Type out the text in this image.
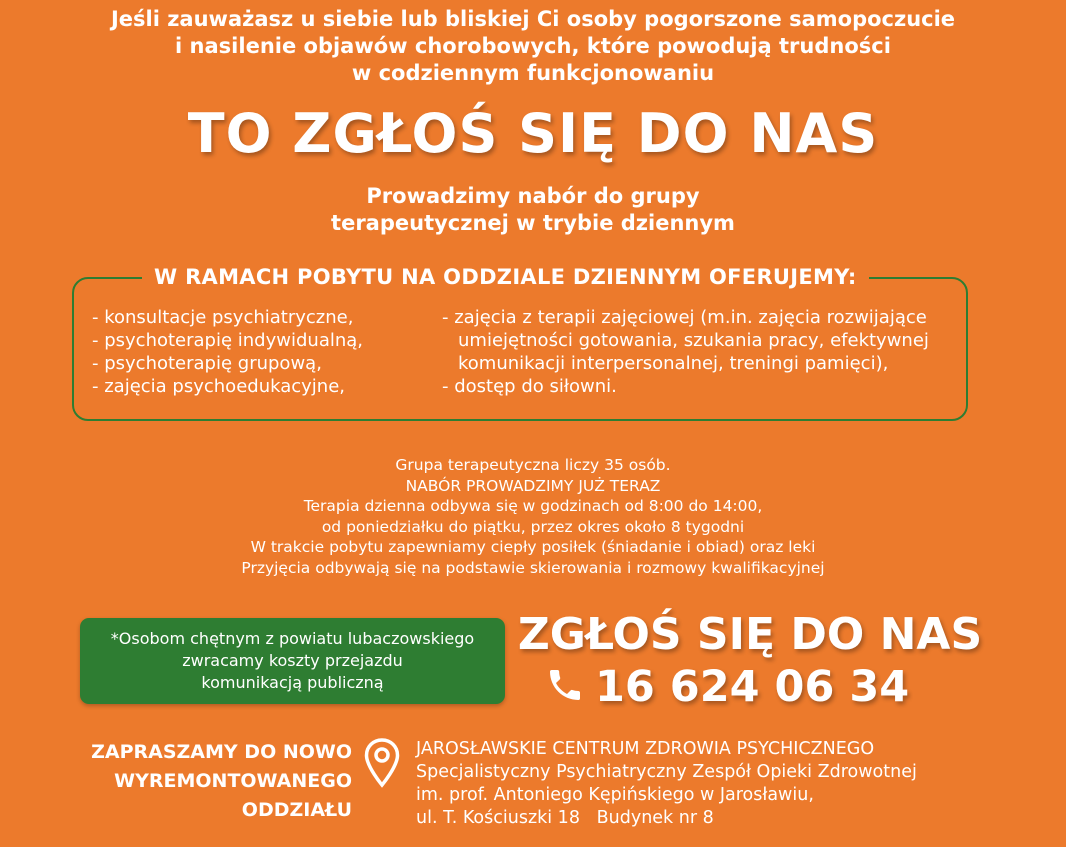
Jeśli zauważasz u siebie lub bliskiej Ci osoby pogorszone samopoczucie
i nasilenie objawów chorobowych, które powodują trudności
w codziennym funkcjonowaniu
TO ZGŁOŚ SIĘ DO NAS
Prowadzimy nabór do grupy
terapeutycznej w trybie dziennym
W RAMACH POBYTU NA ODDZIALE DZIENNYM OFERUJEMY:
- konsultacje psychiatryczne,
- psychoterapię indywidualną,
- psychoterapię grupową,
- zajęcia psychoedukacyjne,
- zajęcia z terapii zajęciowej (m.in. zajęcia rozwijające
umiejętności gotowania, szukania pracy, efektywnej
komunikacji interpersonalnej, treningi pamięci),
- dostęp do siłowni.
Grupa terapeutyczna liczy 35 osób.
NABÓR PROWADZIMY JUŻ TERAZ
Terapia dzienna odbywa się w godzinach od 8:00 do 14:00,
od poniedziałku do piątku, przez okres około 8 tygodni
W trakcie pobytu zapewniamy ciepły posiłek (śniadanie i obiad) oraz leki
Przyjęcia odbywają się na podstawie skierowania i rozmowy kwalifikacyjnej
*Osobom chętnym z powiatu lubaczowskiego
zwracamy koszty przejazdu
komunikacją publiczną
ZGŁOŚ SIĘ DO NAS
16 624 06 34
ZAPRASZAMY DO NOWO
WYREMONTOWANEGO
ODDZIAŁU
JAROSŁAWSKIE CENTRUM ZDROWIA PSYCHICZNEGO
Specjalistyczny Psychiatryczny Zespół Opieki Zdrowotnej
im. prof. Antoniego Kępińskiego w Jarosławiu,
ul. T. Kościuszki 18   Budynek nr 8
